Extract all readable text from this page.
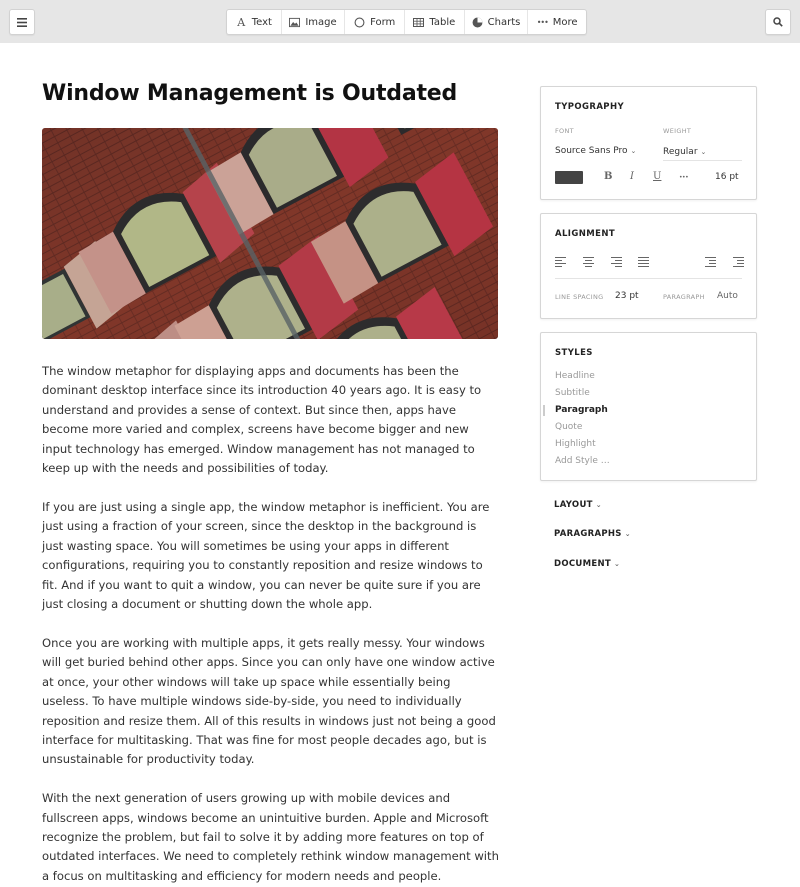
A Text	Image	Form	Table	Charts ••• More
Window Management is Outdated

The window metaphor for displaying apps and documents has been the dominant desktop interface since its introduction 40 years ago. It is easy to understand and provides a sense of context. But since then, apps have become more varied and complex, screens have become bigger and new input technology has emerged. Window management has not managed to keep up with the needs and possibilities of today.

If you are just using a single app, the window metaphor is inefficient. You are just using a fraction of your screen, since the desktop in the background is just wasting space. You will sometimes be using your apps in different configurations, requiring you to constantly reposition and resize windows to fit. And if you want to quit a window, you can never be quite sure if you are just closing a document or shutting down the whole app.

Once you are working with multiple apps, it gets really messy. Your windows will get buried behind other apps. Since you can only have one window active at once, your other windows will take up space while essentially being useless. To have multiple windows side-by-side, you need to individually reposition and resize them. All of this results in windows just not being a good interface for multitasking. That was fine for most people decades ago, but is unsustainable for productivity today.

With the next generation of users growing up with mobile devices and fullscreen apps, windows become an unintuitive burden. Apple and Microsoft recognize the problem, but fail to solve it by adding more features on top of outdated interfaces. We need to completely rethink window management with a focus on multitasking and efficiency for modern needs and people.

TYPOGRAPHY
FONT
Source Sans Pro ⌄
WEIGHT
Regular ⌄
B I U	•••	16 pt
ALIGNMENT
LINE SPACING 23 pt	PARAGRAPH Auto
STYLES
Headline
Subtitle
Paragraph
Quote
Highlight
Add Style …
LAYOUT ⌄
PARAGRAPHS ⌄
DOCUMENT ⌄
